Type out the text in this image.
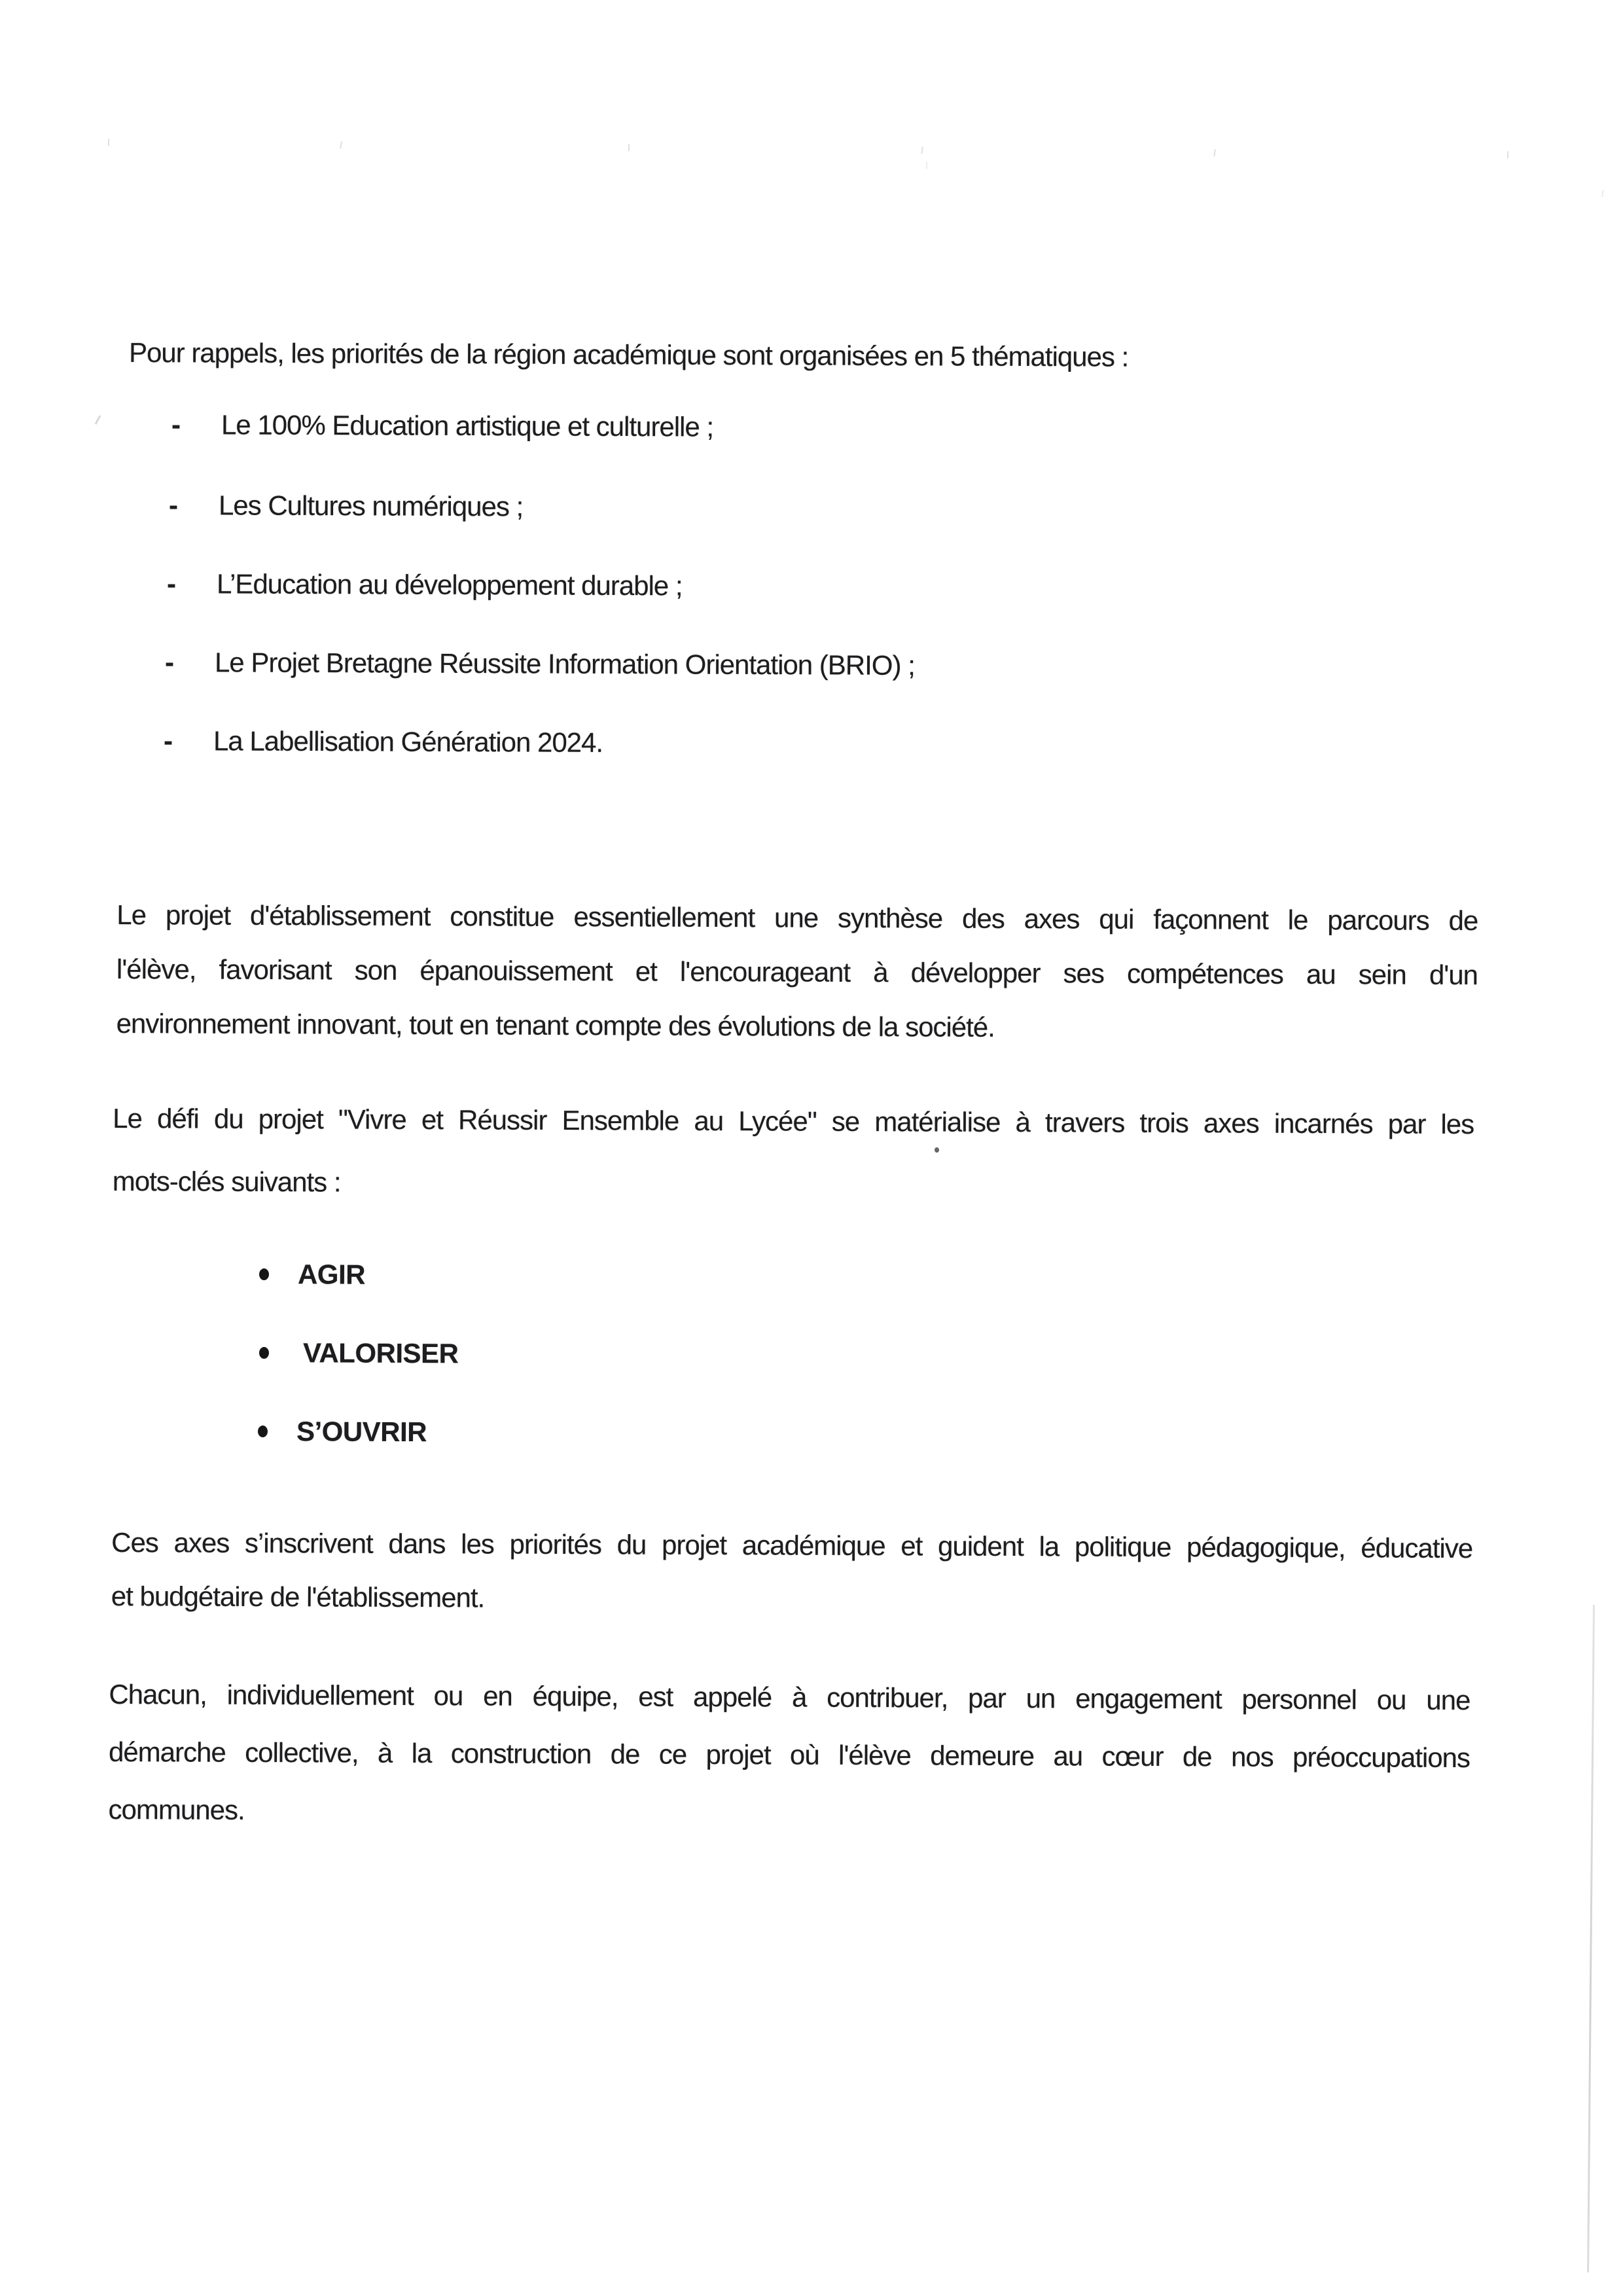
Pour rappels, les priorités de la région académique sont organisées en 5 thématiques :
-	Le 100% Education artistique et culturelle ;
-	Les Cultures numériques ;
-	L’Education au développement durable ;
-	Le Projet Bretagne Réussite Information Orientation (BRIO) ;
-	La Labellisation Génération 2024.
Le projet d'établissement constitue essentiellement une synthèse des axes qui façonnent le parcours de
l'élève, favorisant son épanouissement et l'encourageant à développer ses compétences au sein d'un
environnement innovant, tout en tenant compte des évolutions de la société.
Le défi du projet "Vivre et Réussir Ensemble au Lycée" se matérialise à travers trois axes incarnés par les
mots-clés suivants :
AGIR
VALORISER
S’OUVRIR
Ces axes s’inscrivent dans les priorités du projet académique et guident la politique pédagogique, éducative
et budgétaire de l'établissement.
Chacun, individuellement ou en équipe, est appelé à contribuer, par un engagement personnel ou une
démarche collective, à la construction de ce projet où l'élève demeure au cœur de nos préoccupations
communes.
